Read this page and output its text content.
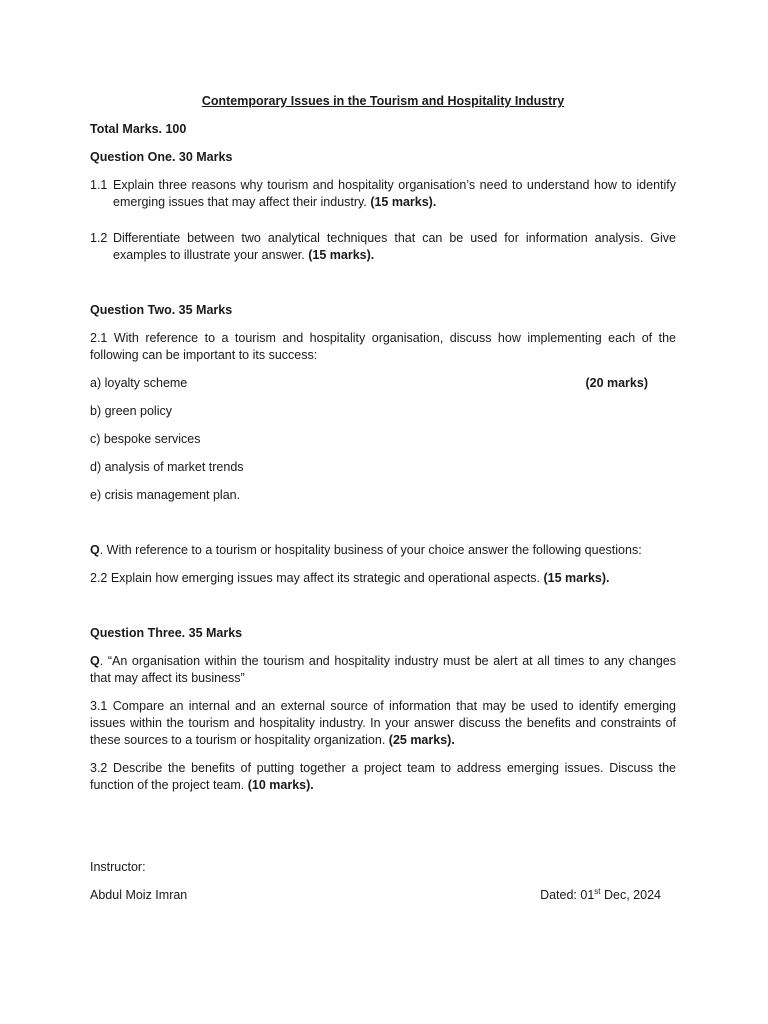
Contemporary Issues in the Tourism and Hospitality Industry

Total Marks. 100

Question One. 30 Marks

1.1 Explain three reasons why tourism and hospitality organisation’s need to understand how to identify emerging issues that may affect their industry. (15 marks).
1.2 Differentiate between two analytical techniques that can be used for information analysis. Give examples to illustrate your answer. (15 marks).

Question Two. 35 Marks

2.1 With reference to a tourism and hospitality organisation, discuss how implementing each of the following can be important to its success:

a) loyalty scheme	(20 marks)

b) green policy

c) bespoke services

d) analysis of market trends

e) crisis management plan.

Q. With reference to a tourism or hospitality business of your choice answer the following questions:

2.2 Explain how emerging issues may affect its strategic and operational aspects. (15 marks).

Question Three. 35 Marks

Q. “An organisation within the tourism and hospitality industry must be alert at all times to any changes that may affect its business”

3.1 Compare an internal and an external source of information that may be used to identify emerging issues within the tourism and hospitality industry. In your answer discuss the benefits and constraints of these sources to a tourism or hospitality organization. (25 marks).

3.2 Describe the benefits of putting together a project team to address emerging issues. Discuss the function of the project team. (10 marks).

Instructor:

Abdul Moiz Imran	Dated: 01st Dec, 2024
